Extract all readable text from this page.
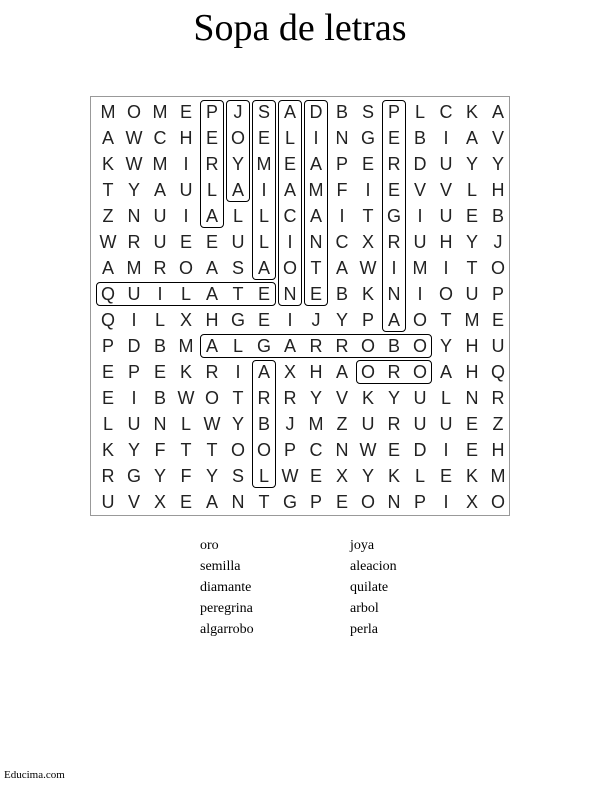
Sopa de letras
M O M E P J S A D B S P L C K A
A W C H E O E L	I N G E B I A V
K W M I R Y M E A P E R D U Y Y
T Y A U L A I A M F I E V V L H
Z N U I A L L C A I	T G I U E B
W R U E E U L	I N C X R U H Y J
A M R O A S A O T A W I M I	T O
Q U I	L A T E N E B K N I O U P
Q I	L X H G E I	J Y P A O T M E
P D B M A L G A R R O B O Y H U
E P E K R I A X H A O R O A H Q
E I B W O T R R Y V K Y U L N R
L U N L W Y B J M Z U R U U E Z
K Y F T T O O P C N W E D I E H
R G Y F Y S L W E X Y K L E K M
U V X E A N T G P E O N P I X O
oro
semilla
diamante
peregrina
algarrobo
joya
aleacion
quilate
arbol
perla
Educima.com
